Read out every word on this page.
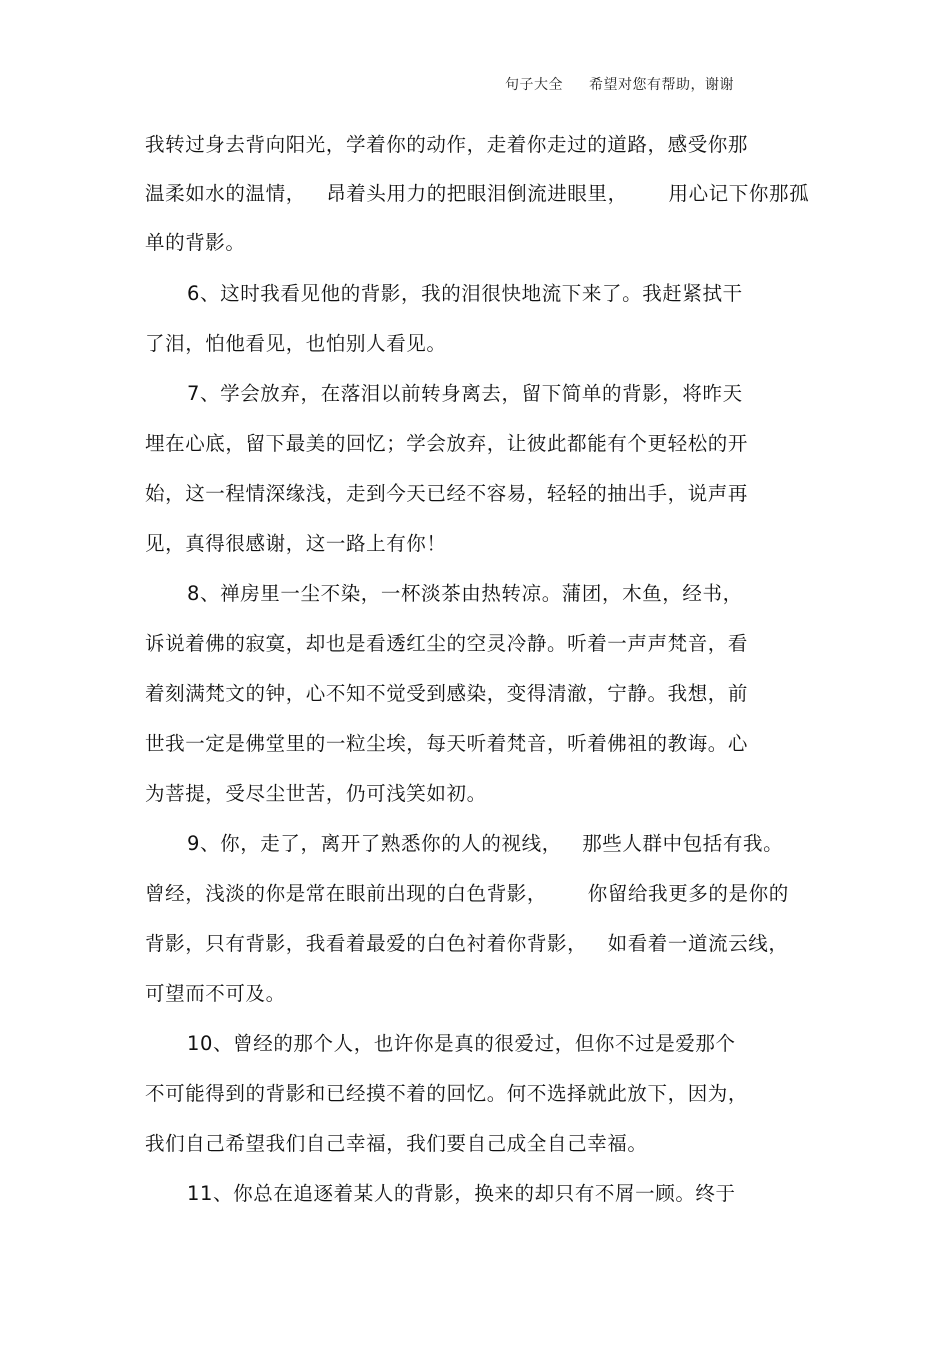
句子大全 希望对您有帮助，谢谢
我转过身去背向阳光，学着你的动作，走着你走过的道路，感受你那
温柔如水的温情，   昂着头用力的把眼泪倒流进眼里，      用心记下你那孤
单的背影。
6、这时我看见他的背影，我的泪很快地流下来了。我赶紧拭干
了泪，怕他看见，也怕别人看见。
7、学会放弃，在落泪以前转身离去，留下简单的背影，将昨天
埋在心底，留下最美的回忆；学会放弃，让彼此都能有个更轻松的开
始，这一程情深缘浅，走到今天已经不容易，轻轻的抽出手，说声再
见，真得很感谢，这一路上有你！
8、禅房里一尘不染，一杯淡茶由热转凉。蒲团，木鱼，经书，
诉说着佛的寂寞，却也是看透红尘的空灵冷静。听着一声声梵音，看
着刻满梵文的钟，心不知不觉受到感染，变得清澈，宁静。我想，前
世我一定是佛堂里的一粒尘埃，每天听着梵音，听着佛祖的教诲。心
为菩提，受尽尘世苦，仍可浅笑如初。
9、你，走了，离开了熟悉你的人的视线，   那些人群中包括有我。
曾经，浅淡的你是常在眼前出现的白色背影，      你留给我更多的是你的
背影，只有背影，我看着最爱的白色衬着你背影，   如看着一道流云线，
可望而不可及。
10、曾经的那个人，也许你是真的很爱过，但你不过是爱那个
不可能得到的背影和已经摸不着的回忆。何不选择就此放下，因为，
我们自己希望我们自己幸福，我们要自己成全自己幸福。
11、你总在追逐着某人的背影，换来的却只有不屑一顾。终于
